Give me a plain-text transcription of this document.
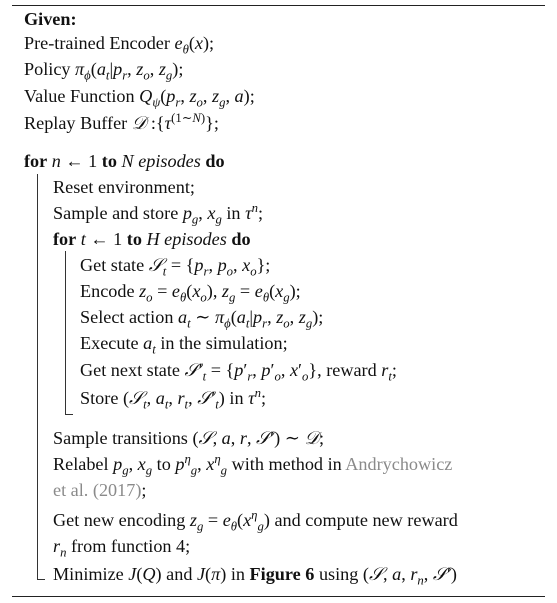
Given:
Pre-trained Encoder $e_\theta(x)$;
Policy $\pi_\phi(a_t|p_r$, $z_o$, $z_g$);
Value Function $Q_\psi(p_r$, $z_o$, $z_g$, a);
Replay Buffer 𝒟 $:\{\tau^{(1\sim N)}\}$;
for n ← 1 to N episodes do
Reset environment;
Sample and store $p_g$, $x_g$ in $\tau^n$;
for t ← 1 to H episodes do
Get state 𝒮$_t$ = {$p_r$, $p_o$, $x_o$};
Encode $z_o = e_\theta(x_o)$, $z_g = e_\theta(x_g)$;
Select action $a_t$ ∼ $\pi_\phi(a_t|p_r$, $z_o$, $z_g$);
Execute $a_t$ in the simulation;
Get next state $𝒮'_t = \{p'_r$, $p'_o$, $x'_o$}, reward $r_t$;
Store (𝒮$_t$, $a_t$, $r_t$, $𝒮'_t$) in $\tau^n$;
Sample transitions (𝒮, a, r, 𝒮′) ∼ 𝒟;
Relabel $p_g$, $x_g$ to $p^\eta_g$, $x^\eta_g$ with method in Andrychowicz
et al. (2017);
Get new encoding $z_g = e_\theta(x^\eta_g)$ and compute new reward
$r_n$ from function 4;
Minimize J(Q) and J(π) in Figure 6 using (𝒮, a, $r_n$, 𝒮′)
